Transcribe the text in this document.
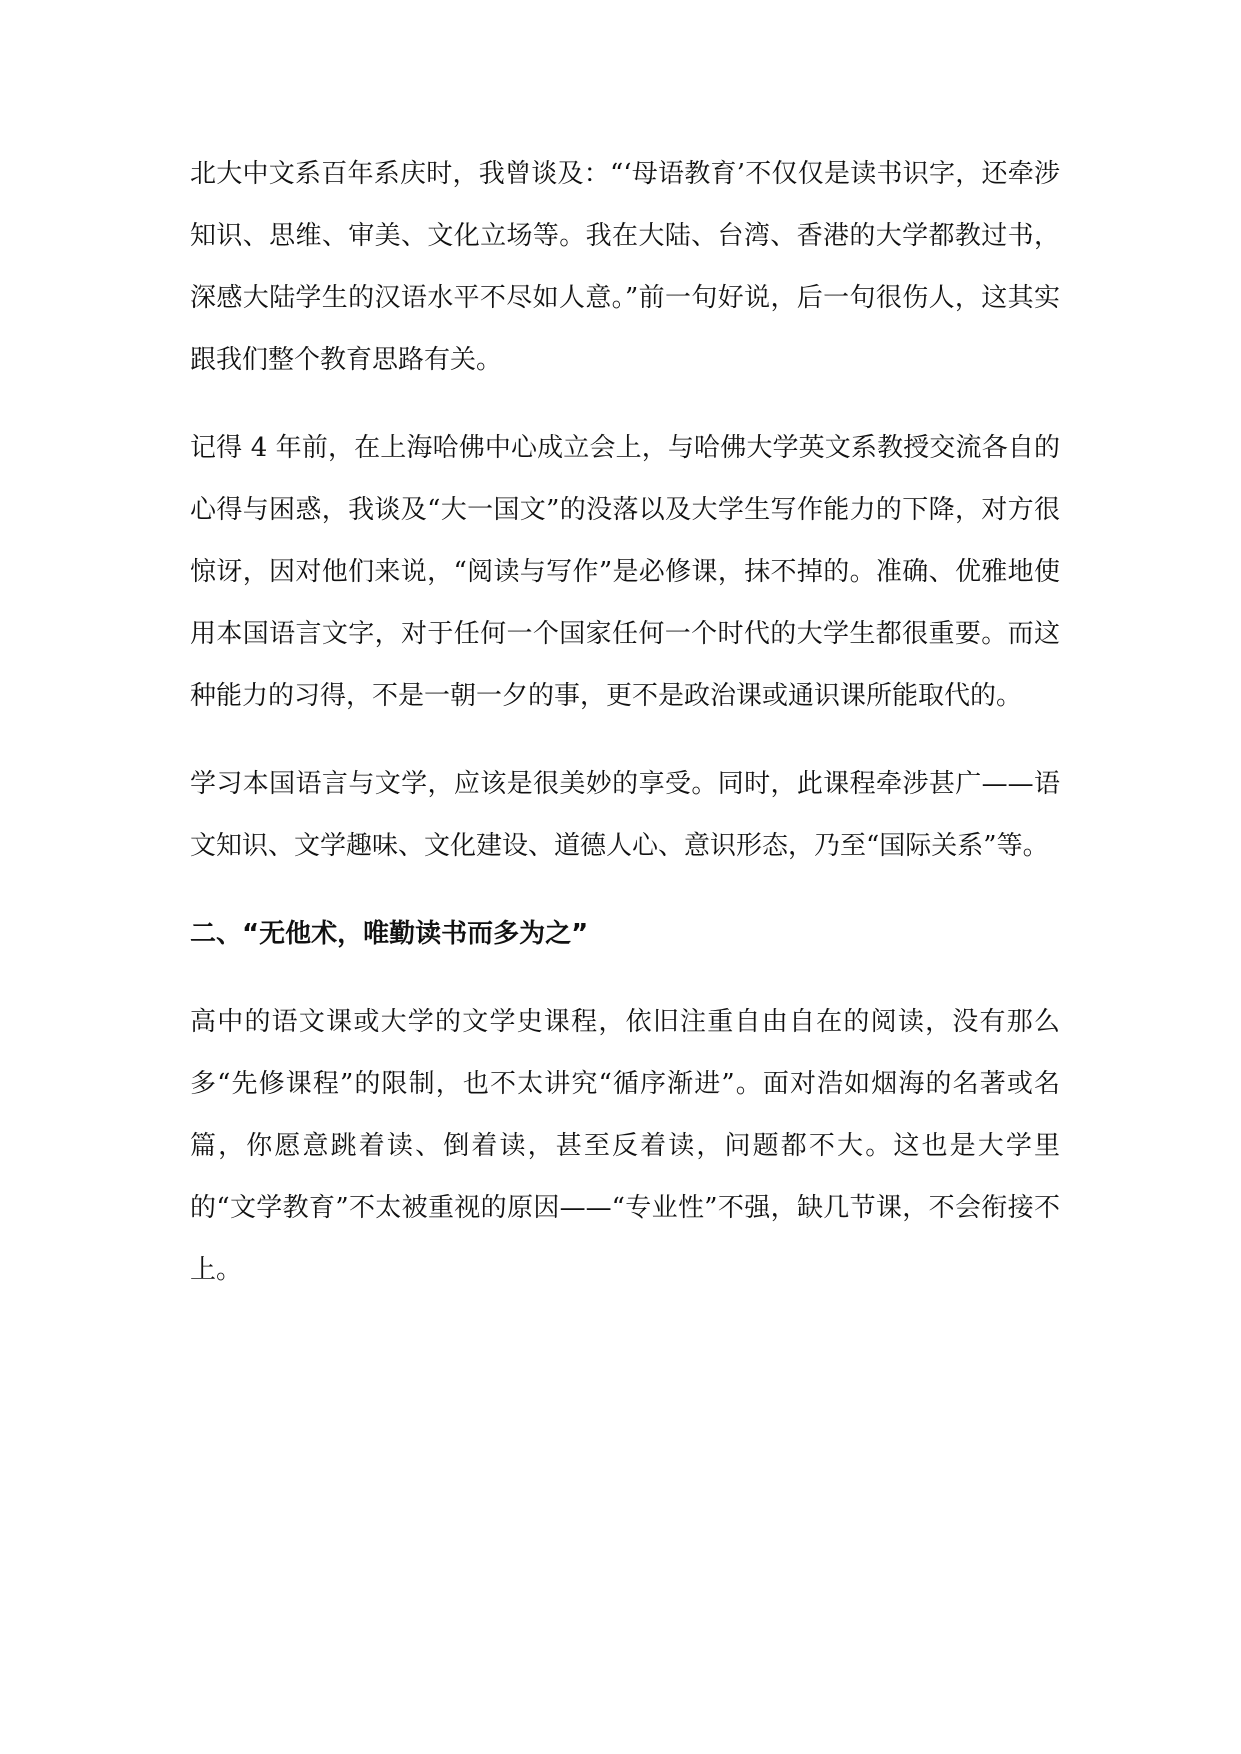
北大中文系百年系庆时，我曾谈及：“‘母语教育’不仅仅是读书识字，还牵涉知识、思维、审美、文化立场等。我在大陆、台湾、香港的大学都教过书，深感大陆学生的汉语水平不尽如人意。”前一句好说，后一句很伤人，这其实跟我们整个教育思路有关。

记得 4 年前，在上海哈佛中心成立会上，与哈佛大学英文系教授交流各自的心得与困惑，我谈及“大一国文”的没落以及大学生写作能力的下降，对方很惊讶，因对他们来说，“阅读与写作”是必修课，抹不掉的。准确、优雅地使用本国语言文字，对于任何一个国家任何一个时代的大学生都很重要。而这种能力的习得，不是一朝一夕的事，更不是政治课或通识课所能取代的。

学习本国语言与文学，应该是很美妙的享受。同时，此课程牵涉甚广——语文知识、文学趣味、文化建设、道德人心、意识形态，乃至“国际关系”等。

二、“无他术，唯勤读书而多为之”

高中的语文课或大学的文学史课程，依旧注重自由自在的阅读，没有那么多“先修课程”的限制，也不太讲究“循序渐进”。面对浩如烟海的名著或名篇，你愿意跳着读、倒着读，甚至反着读，问题都不大。这也是大学里的“文学教育”不太被重视的原因——“专业性”不强，缺几节课，不会衔接不上。
